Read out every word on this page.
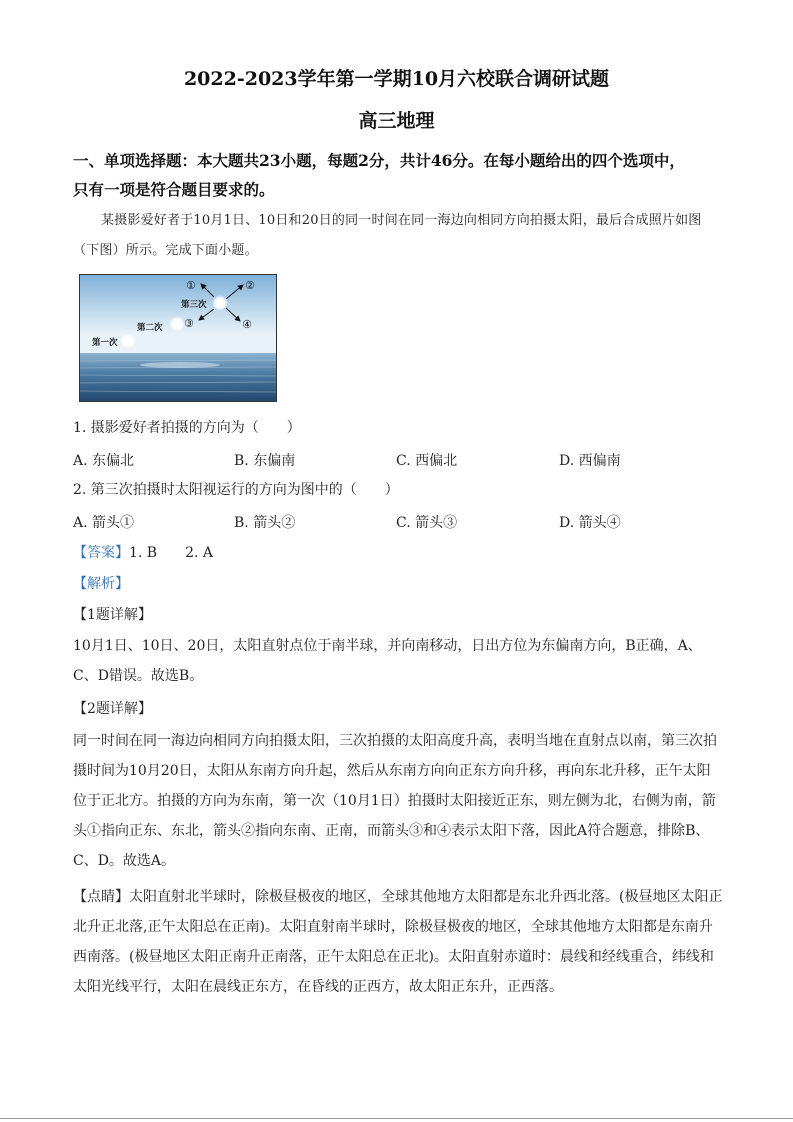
2022-2023学年第一学期10月六校联合调研试题
高三地理
一、单项选择题：本大题共23小题，每题2分，共计46分。在每小题给出的四个选项中，
只有一项是符合题目要求的。
某摄影爱好者于10月1日、10日和20日的同一时间在同一海边向相同方向拍摄太阳，最后合成照片如图（下图）所示。完成下面小题。
第一次
第二次
第三次
①	②
③	④
1. 摄影爱好者拍摄的方向为（　　）
A. 东偏北	B. 东偏南	C. 西偏北	D. 西偏南
2. 第三次拍摄时太阳视运行的方向为图中的（　　）
A. 箭头①	B. 箭头②	C. 箭头③	D. 箭头④
【答案】1. B　　2. A
【解析】
【1题详解】
10月1日、10日、20日，太阳直射点位于南半球，并向南移动，日出方位为东偏南方向，B正确，A、C、D错误。故选B。
【2题详解】
同一时间在同一海边向相同方向拍摄太阳，三次拍摄的太阳高度升高，表明当地在直射点以南，第三次拍摄时间为10月20日，太阳从东南方向升起，然后从东南方向向正东方向升移，再向东北升移，正午太阳位于正北方。拍摄的方向为东南，第一次（10月1日）拍摄时太阳接近正东，则左侧为北，右侧为南，箭头①指向正东、东北，箭头②指向东南、正南，而箭头③和④表示太阳下落，因此A符合题意，排除B、C、D。故选A。
【点睛】太阳直射北半球时，除极昼极夜的地区，全球其他地方太阳都是东北升西北落。(极昼地区太阳正北升正北落,正午太阳总在正南)。太阳直射南半球时，除极昼极夜的地区，全球其他地方太阳都是东南升西南落。(极昼地区太阳正南升正南落，正午太阳总在正北)。太阳直射赤道时：晨线和经线重合，纬线和太阳光线平行，太阳在晨线正东方，在昏线的正西方，故太阳正东升，正西落。
